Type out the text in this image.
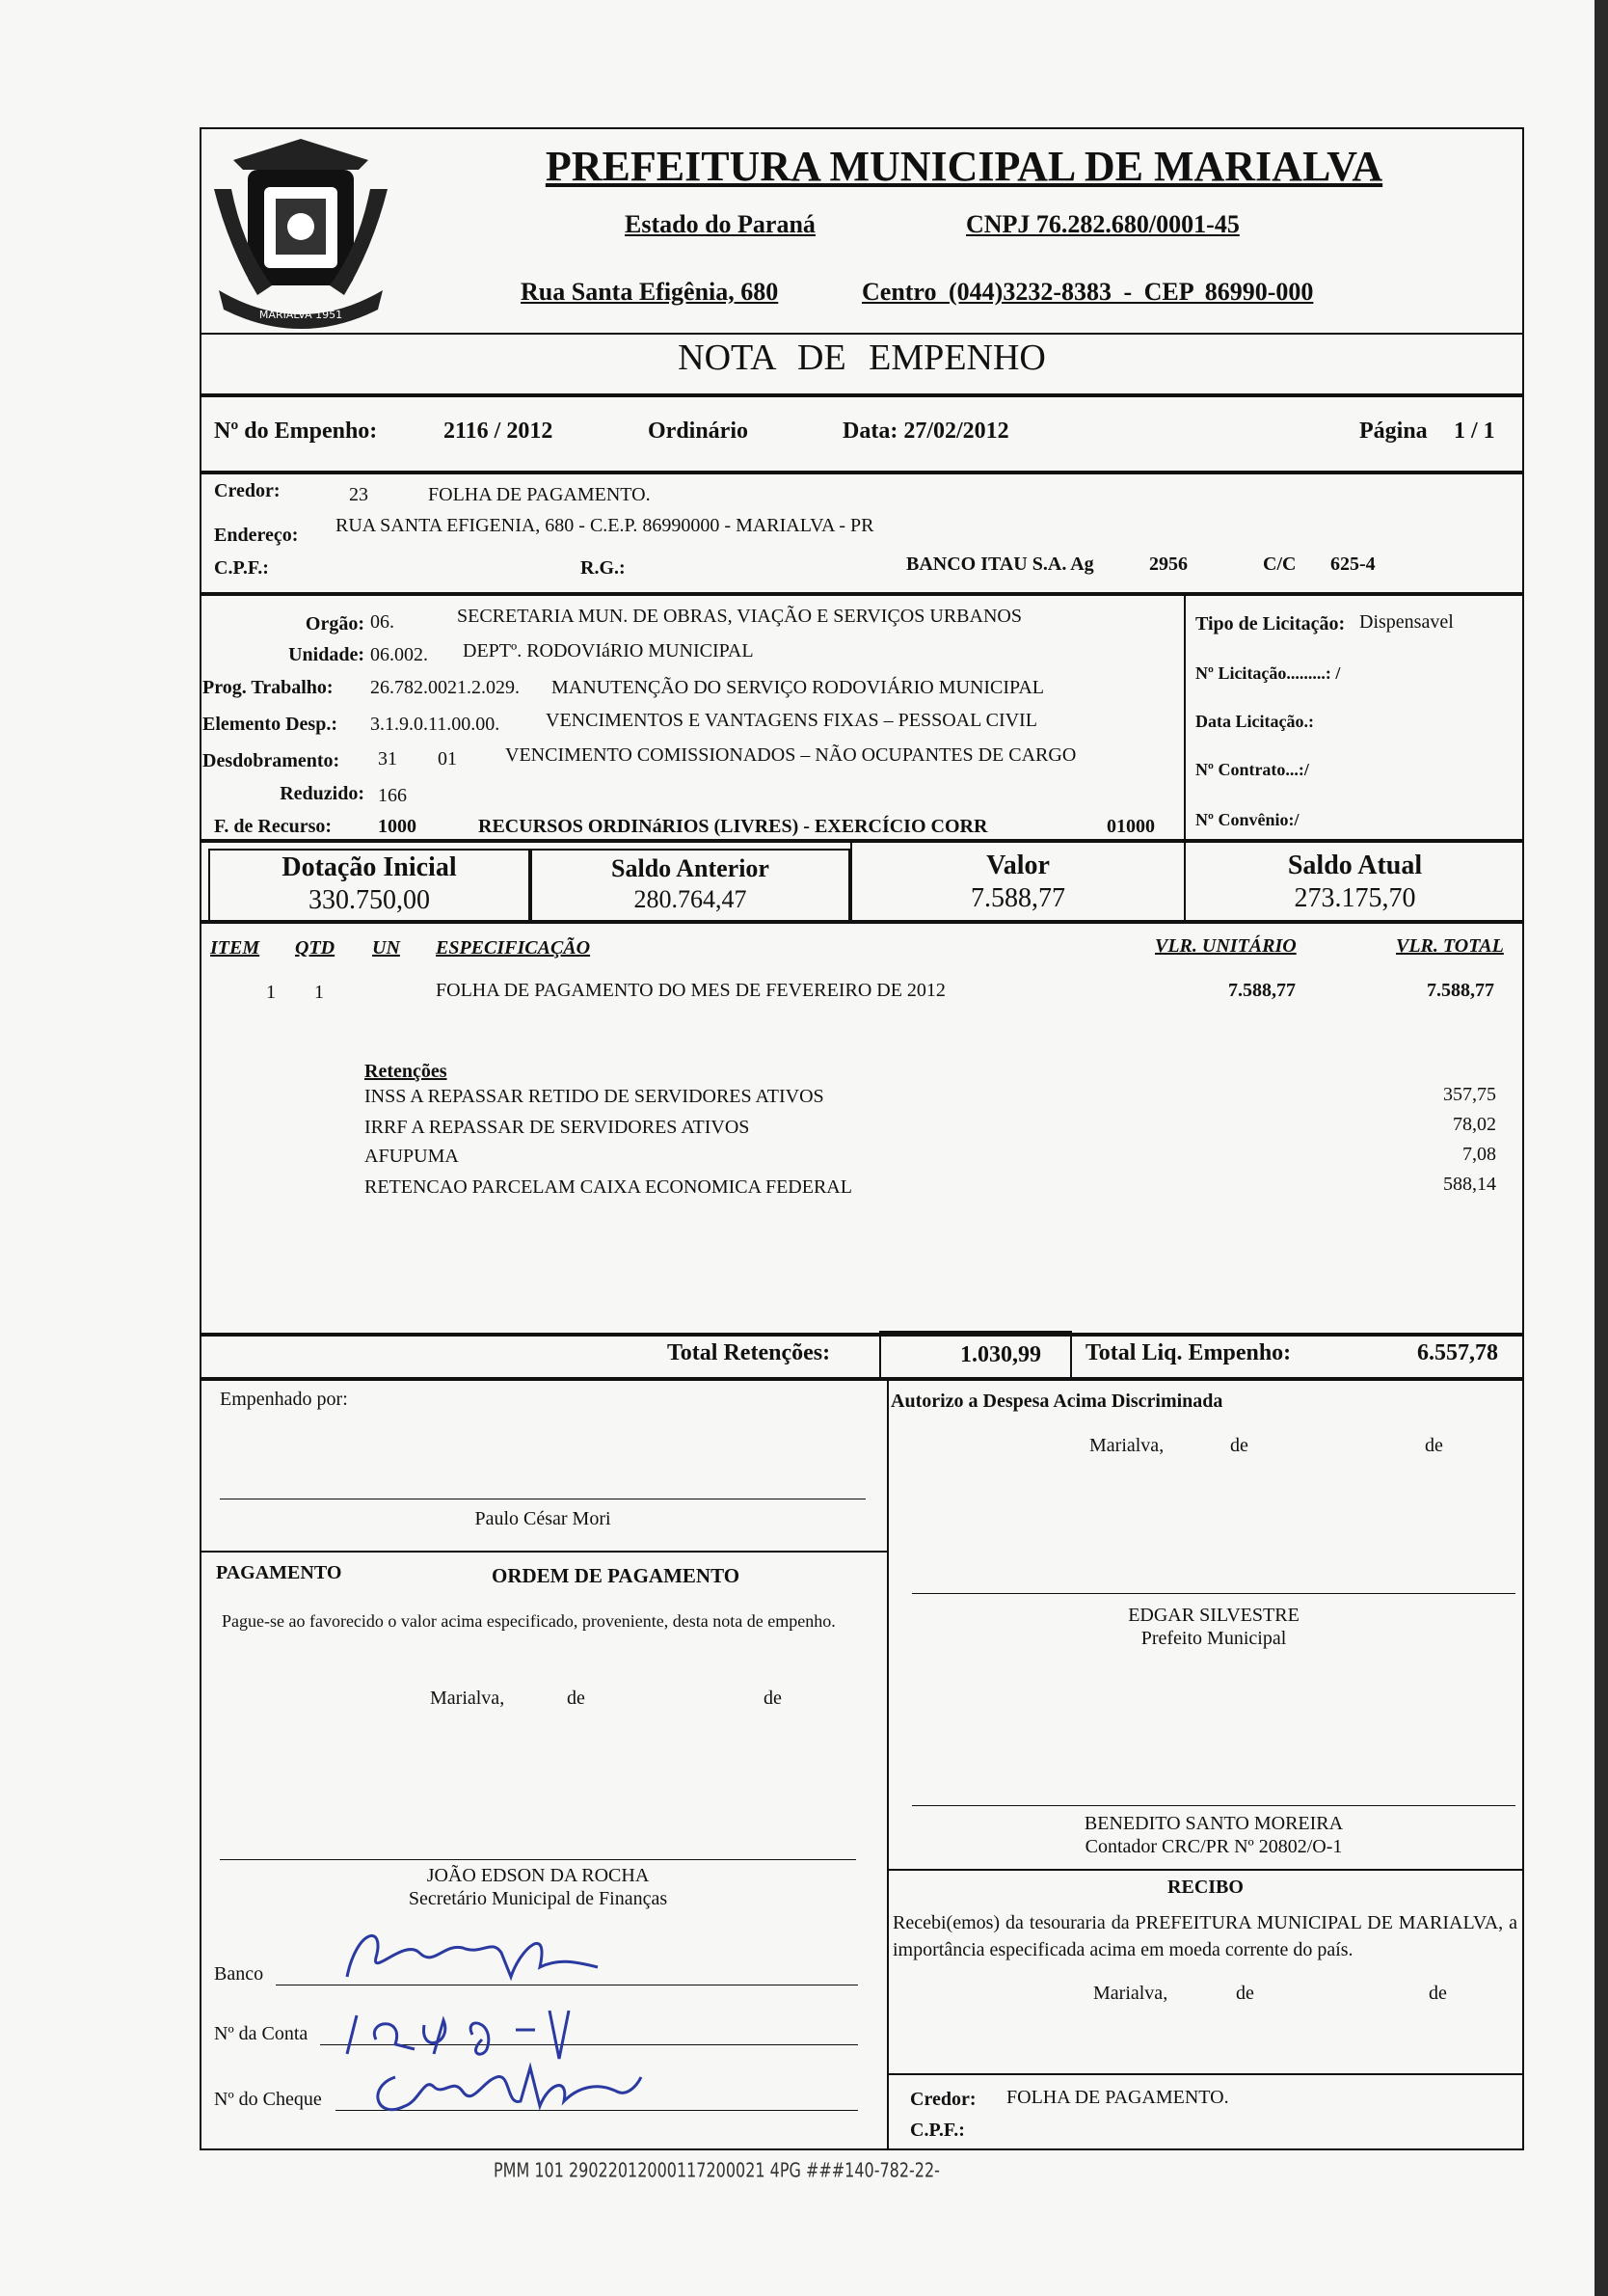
MARIALVA 1951
PREFEITURA MUNICIPAL DE MARIALVA
Estado do Paraná	CNPJ 76.282.680/0001-45
Rua Santa Efigênia, 680	Centro (044)3232-8383 - CEP 86990-000
NOTA DE EMPENHO
Nº do Empenho:	2116 / 2012	Ordinário	Data: 27/02/2012	Página 1 / 1
Credor:	23	FOLHA DE PAGAMENTO.
Endereço: RUA SANTA EFIGENIA, 680 - C.E.P. 86990000 - MARIALVA - PR
C.P.F.:	R.G.:	BANCO ITAU S.A. Ag	2956	C/C 625-4
Orgão: 06.	SECRETARIA MUN. DE OBRAS, VIAÇÃO E SERVIÇOS URBANOS
Unidade: 06.002. DEPTº. RODOVIáRIO MUNICIPAL
Prog. Trabalho: 26.782.0021.2.029. MANUTENÇÃO DO SERVIÇO RODOVIÁRIO MUNICIPAL
Elemento Desp.: 3.1.9.0.11.00.00. VENCIMENTOS E VANTAGENS FIXAS – PESSOAL CIVIL
Desdobramento: 31 01	VENCIMENTO COMISSIONADOS – NÃO OCUPANTES DE CARGO
Reduzido: 166
F. de Recurso: 1000	RECURSOS ORDINáRIOS (LIVRES) - EXERCÍCIO CORR	01000
Tipo de Licitação: Dispensavel
Nº Licitação.........: /
Data Licitação.:
Nº Contrato...:/
Nº Convênio:/
Dotação Inicial
330.750,00
Saldo Anterior
280.764,47
Valor
7.588,77
Saldo Atual
273.175,70
ITEM QTD UN ESPECIFICAÇÃO	VLR. UNITÁRIO	VLR. TOTAL
1 1	FOLHA DE PAGAMENTO DO MES DE FEVEREIRO DE 2012	7.588,77	7.588,77
Retenções
INSS A REPASSAR RETIDO DE SERVIDORES ATIVOS	357,75
IRRF A REPASSAR DE SERVIDORES ATIVOS	78,02
AFUPUMA	7,08
RETENCAO PARCELAM CAIXA ECONOMICA FEDERAL	588,14
Total Retenções:	1.030,99 Total Liq. Empenho:	6.557,78
Empenhado por:
Paulo César Mori
Autorizo a Despesa Acima Discriminada
Marialva,	de	de
PAGAMENTO	ORDEM DE PAGAMENTO
Pague-se ao favorecido o valor acima especificado, proveniente, desta nota de empenho.
Marialva,	de	de
EDGAR SILVESTRE
Prefeito Municipal
BENEDITO SANTO MOREIRA
Contador CRC/PR Nº 20802/O-1
JOÃO EDSON DA ROCHA
Secretário Municipal de Finanças
RECIBO
Recebi(emos) da tesouraria da PREFEITURA MUNICIPAL DE MARIALVA, a importância especificada acima em moeda corrente do país.
Marialva,	de	de
Banco
Nº da Conta
Nº do Cheque	Credor: FOLHA DE PAGAMENTO.
C.P.F.:
PMM 101 29022012000117200021 4PG ###140-782-22-
